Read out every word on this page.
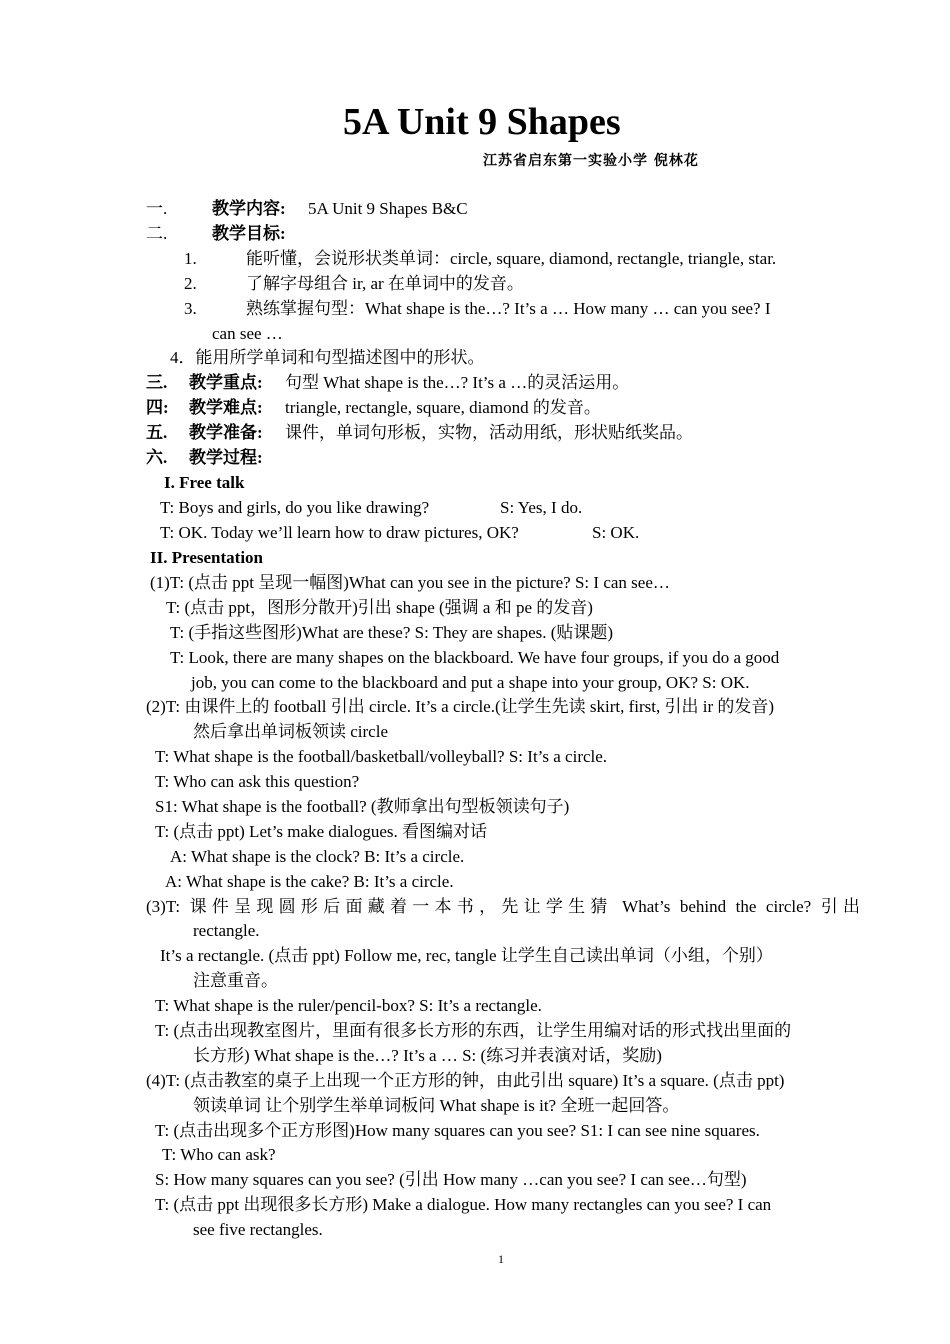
5A Unit 9 Shapes
江苏省启东第一实验小学 倪林花
一.	教学内容: 5A Unit 9 Shapes B&C
二.	教学目标:
1.	能听懂，会说形状类单词：circle, square, diamond, rectangle, triangle, star.
2.	了解字母组合 ir, ar 在单词中的发音。
3.	熟练掌握句型：What shape is the…? It’s a … How many … can you see? I
can see …
4．能用所学单词和句型描述图中的形状。
三. 教学重点: 句型 What shape is the…? It’s a …的灵活运用。
四: 教学难点: triangle, rectangle, square, diamond 的发音。
五. 教学准备: 课件，单词句形板，实物，活动用纸，形状贴纸奖品。
六. 教学过程:
I. Free talk
T: Boys and girls, do you like drawing?	S: Yes, I do.
T: OK. Today we’ll learn how to draw pictures, OK?	S: OK.
II. Presentation
(1)T: (点击 ppt 呈现一幅图)What can you see in the picture? S: I can see…
T: (点击 ppt，图形分散开)引出 shape (强调 a 和 pe 的发音)
T: (手指这些图形)What are these? S: They are shapes. (贴课题)
T: Look, there are many shapes on the blackboard. We have four groups, if you do a good
job, you can come to the blackboard and put a shape into your group, OK? S: OK.
(2)T: 由课件上的 football 引出 circle. It’s a circle.(让学生先读 skirt, first, 引出 ir 的发音)
然后拿出单词板领读 circle
T: What shape is the football/basketball/volleyball? S: It’s a circle.
T: Who can ask this question?
S1: What shape is the football? (教师拿出句型板领读句子)
T: (点击 ppt) Let’s make dialogues. 看图编对话
A: What shape is the clock? B: It’s a circle.
A: What shape is the cake? B: It’s a circle.
(3)T: 课件呈现圆形后面藏着一本书，先让学生猜 What’s behind the circle? 引出
rectangle.
It’s a rectangle. (点击 ppt) Follow me, rec, tangle 让学生自己读出单词（小组，个别）
注意重音。
T: What shape is the ruler/pencil-box? S: It’s a rectangle.
T: (点击出现教室图片，里面有很多长方形的东西，让学生用编对话的形式找出里面的
长方形) What shape is the…? It’s a … S: (练习并表演对话，奖励)
(4)T: (点击教室的桌子上出现一个正方形的钟，由此引出 square) It’s a square. (点击 ppt)
领读单词 让个别学生举单词板问 What shape is it? 全班一起回答。
T: (点击出现多个正方形图)How many squares can you see? S1: I can see nine squares.
T: Who can ask?
S: How many squares can you see? (引出 How many …can you see? I can see…句型)
T: (点击 ppt 出现很多长方形) Make a dialogue. How many rectangles can you see? I can
see five rectangles.
1
